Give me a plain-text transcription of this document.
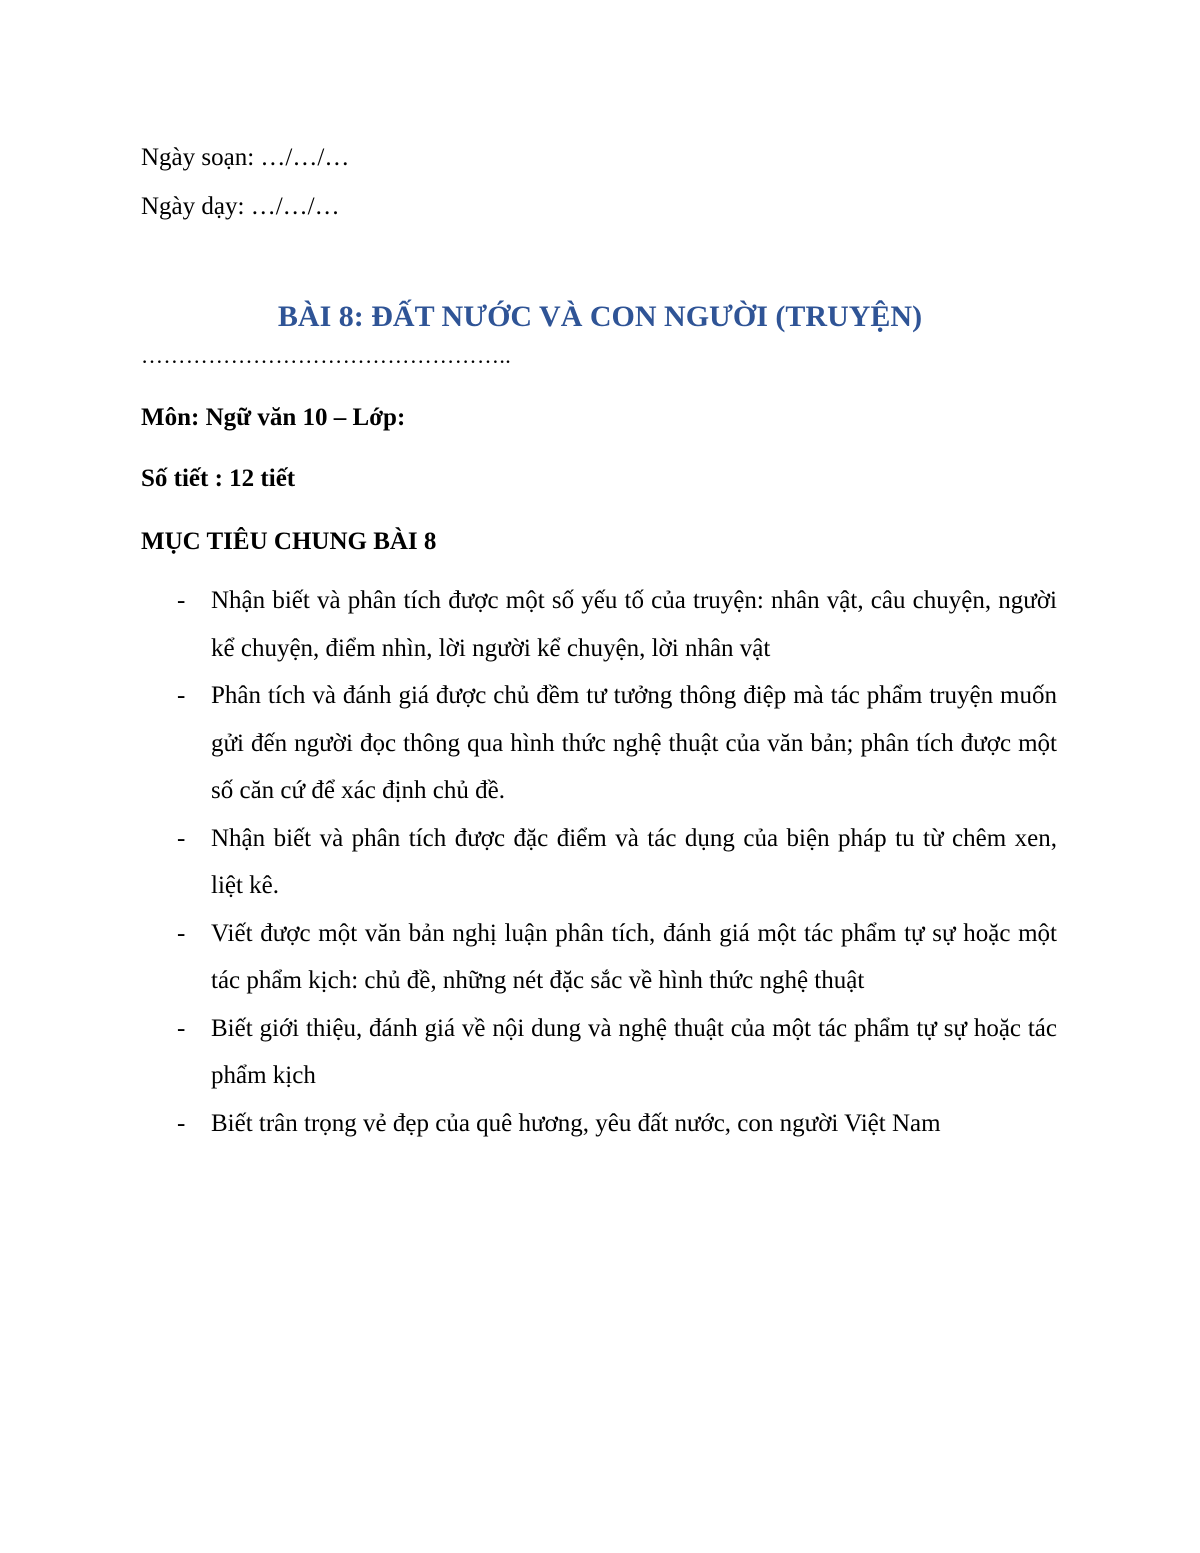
Ngày soạn: …/…/…
Ngày dạy: …/…/…
BÀI 8: ĐẤT NƯỚC VÀ CON NGƯỜI (TRUYỆN)
…………………………………………..
Môn: Ngữ văn 10 – Lớp:
Số tiết : 12 tiết
MỤC TIÊU CHUNG BÀI 8
- Nhận biết và phân tích được một số yếu tố của truyện: nhân vật, câu chuyện, người kể chuyện, điểm nhìn, lời người kể chuyện, lời nhân vật
- Phân tích và đánh giá được chủ đềm tư tưởng thông điệp mà tác phẩm truyện muốn gửi đến người đọc thông qua hình thức nghệ thuật của văn bản; phân tích được một số căn cứ để xác định chủ đề.
- Nhận biết và phân tích được đặc điểm và tác dụng của biện pháp tu từ chêm xen, liệt kê.
- Viết được một văn bản nghị luận phân tích, đánh giá một tác phẩm tự sự hoặc một tác phẩm kịch: chủ đề, những nét đặc sắc về hình thức nghệ thuật
- Biết giới thiệu, đánh giá về nội dung và nghệ thuật của một tác phẩm tự sự hoặc tác phẩm kịch
- Biết trân trọng vẻ đẹp của quê hương, yêu đất nước, con người Việt Nam
